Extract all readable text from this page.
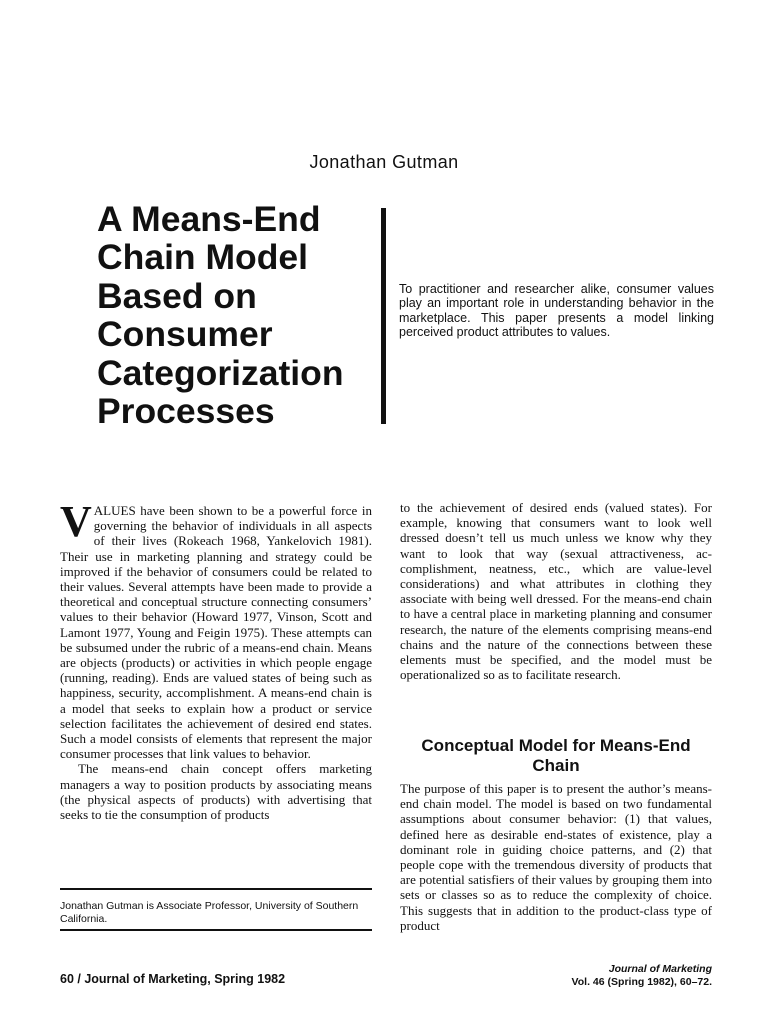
Jonathan Gutman
A Means-End
Chain Model
Based on
Consumer
Categorization
Processes

To practitioner and researcher alike, consumer values play an important role in understanding behavior in the marketplace. This paper presents a model linking perceived product attributes to values.

VALUES have been shown to be a powerful force in governing the behavior of individuals in all aspects of their lives (Rokeach 1968, Yankelovich 1981). Their use in marketing planning and strategy could be improved if the behavior of consumers could be related to their values. Several attempts have been made to provide a theoretical and conceptual structure connecting consumers’ values to their behavior (Howard 1977, Vinson, Scott and Lamont 1977, Young and Feigin 1975). These attempts can be subsumed under the rubric of a means-end chain. Means are objects (products) or activities in which people engage (running, reading). Ends are valued states of being such as happiness, security, accomplishment. A means-end chain is a model that seeks to explain how a product or service selection facilitates the achievement of desired end states. Such a model consists of elements that represent the major consumer processes that link values to behavior.

The means-end chain concept offers marketing managers a way to position products by associating means (the physical aspects of products) with advertising that seeks to tie the consumption of products

to the achievement of desired ends (valued states). For example, knowing that consumers want to look well dressed doesn’t tell us much unless we know why they want to look that way (sexual attractiveness, accomplishment, neatness, etc., which are value-level considerations) and what attributes in clothing they associate with being well dressed. For the means-end chain to have a central place in marketing planning and consumer research, the nature of the elements comprising means-end chains and the nature of the connections between these elements must be specified, and the model must be operationalized so as to facilitate research.

Conceptual Model for Means-End
Chain

The purpose of this paper is to present the author’s means-end chain model. The model is based on two fundamental assumptions about consumer behavior: (1) that values, defined here as desirable end-states of existence, play a dominant role in guiding choice patterns, and (2) that people cope with the tremendous diversity of products that are potential satisfiers of their values by grouping them into sets or classes so as to reduce the complexity of choice. This suggests that in addition to the product-class type of product

Jonathan Gutman is Associate Professor, University of Southern California.

60 / Journal of Marketing, Spring 1982
Journal of Marketing
Vol. 46 (Spring 1982), 60–72.
